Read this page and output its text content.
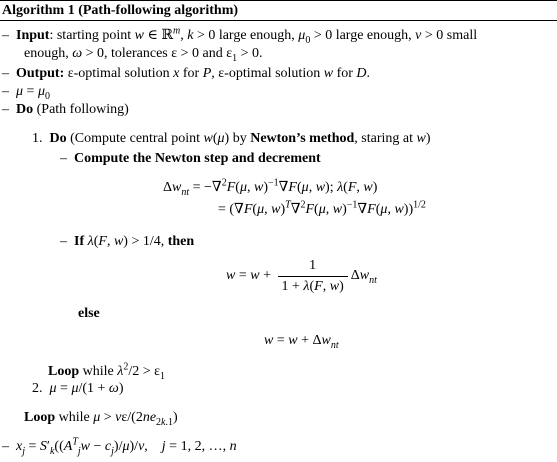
Algorithm 1 (Path-following algorithm)
– Input: starting point w ∈ ℝ$^m$, k > 0 large enough, $\mu_0 > 0$ large enough, ν > 0 small
enough, ω > 0, tolerances ε > 0 and $\varepsilon_1 > 0$.
– Output: ε-optimal solution x for P, ε-optimal solution w for D.
– $\mu = \mu_0$
– Do (Path following)
1. Do (Compute central point w(μ) by Newton’s method, staring at w)
– Compute the Newton step and decrement
$\Delta w_{nt} = -\nabla^2F(\mu$, w)$^{-1}$∇F(μ, w); λ(F, w)
= (∇F(μ, w)$^T$∇$^2$F(μ, w)$^{-1}$∇F(μ, w))$^{1/2}$
– If λ(F, w) > 1/4, then
$w = w + \frac{1}{1 + \lambda(F, w)} \Delta w_{nt}$
else
$w = w + \Delta w_{nt}$
Loop while $\lambda^2/2 > \varepsilon_1$
2. μ = μ/(1 + ω)
Loop while $\mu > \nu\varepsilon/(2ne_{2k.1})$
– $x_j = S'_k((A^T_jw - c_j)/\mu)/\nu$,    j = 1, 2, …, n
